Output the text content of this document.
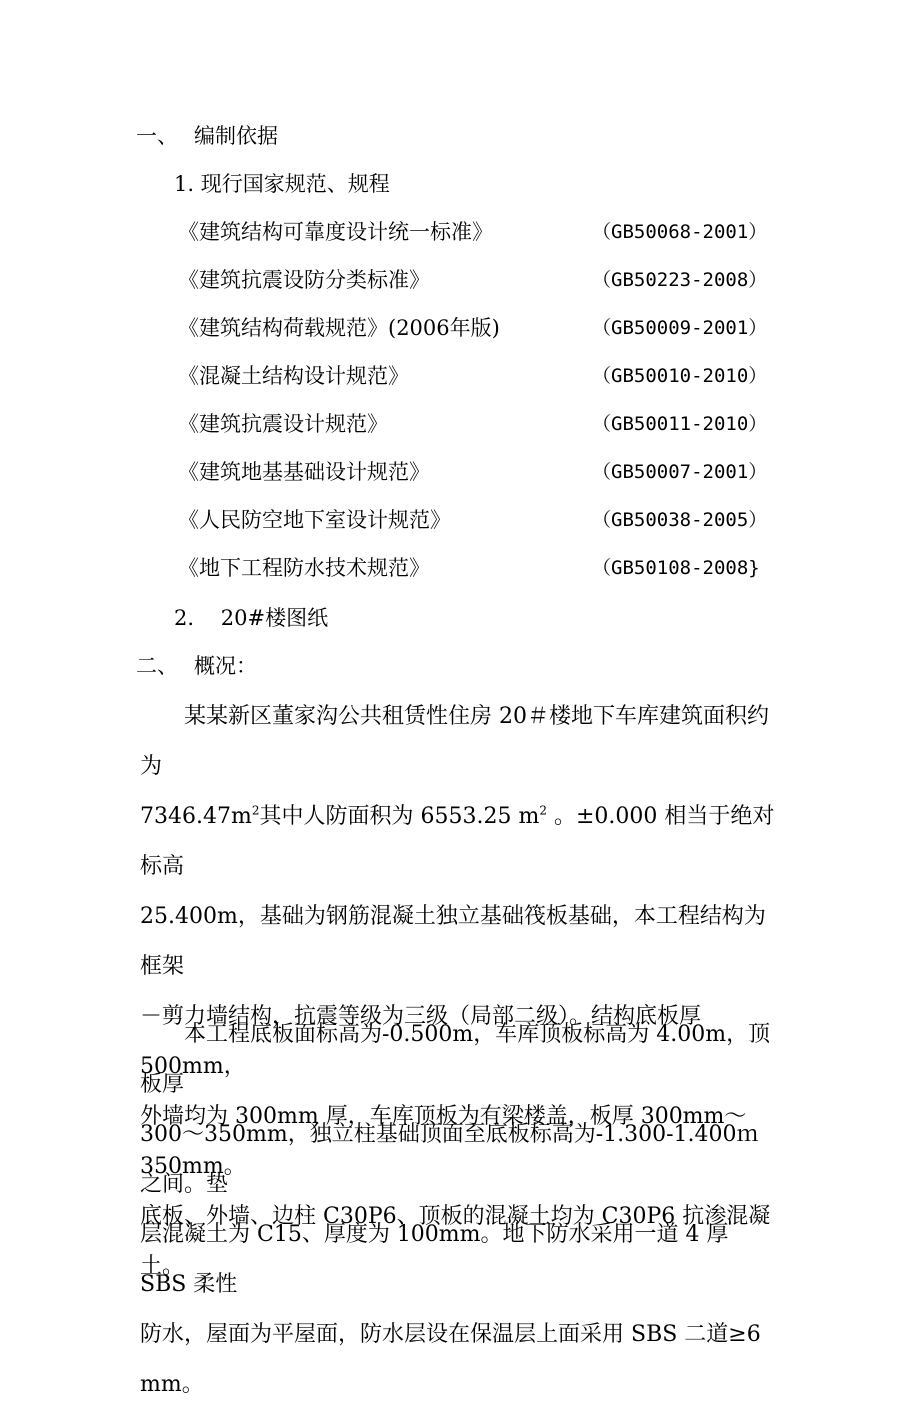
一、 编制依据
1. 现行国家规范、规程
《建筑结构可靠度设计统一标准》	（GB50068-2001）
《建筑抗震设防分类标准》	（GB50223-2008）
《建筑结构荷载规范》(2006年版)	（GB50009-2001）
《混凝土结构设计规范》	（GB50010-2010）
《建筑抗震设计规范》	（GB50011-2010）
《建筑地基基础设计规范》	（GB50007-2001）
《人民防空地下室设计规范》	（GB50038-2005）
《地下工程防水技术规范》	（GB50108-2008}
2. 20#楼图纸
二、 概况：

某某新区董家沟公共租赁性住房 20＃楼地下车库建筑面积约为

$7346.47m^2$其中人防面积为 6553.25 $m^2$ 。±0.000 相当于绝对标高

25.400m，基础为钢筋混凝土独立基础筏板基础，本工程结构为框架

－剪力墙结构，抗震等级为三级（局部二级）。结构底板厚 500mm，

外墙均为 300mm 厚，车库顶板为有梁楼盖，板厚 300mm～350mm。

底板、外墙、边柱 C30P6、顶板的混凝土均为 C30P6 抗渗混凝土。

本工程底板面标高为-0.500m，车库顶板标高为 4.00m，顶板厚

300～350mm，独立柱基础顶面至底板标高为-1.300-1.400ｍ之间。垫

层混凝土为 C15、厚度为 100mm。地下防水采用一道 4 厚 SBS 柔性

防水，屋面为平屋面，防水层设在保温层上面采用 SBS 二道≥6 mm。
